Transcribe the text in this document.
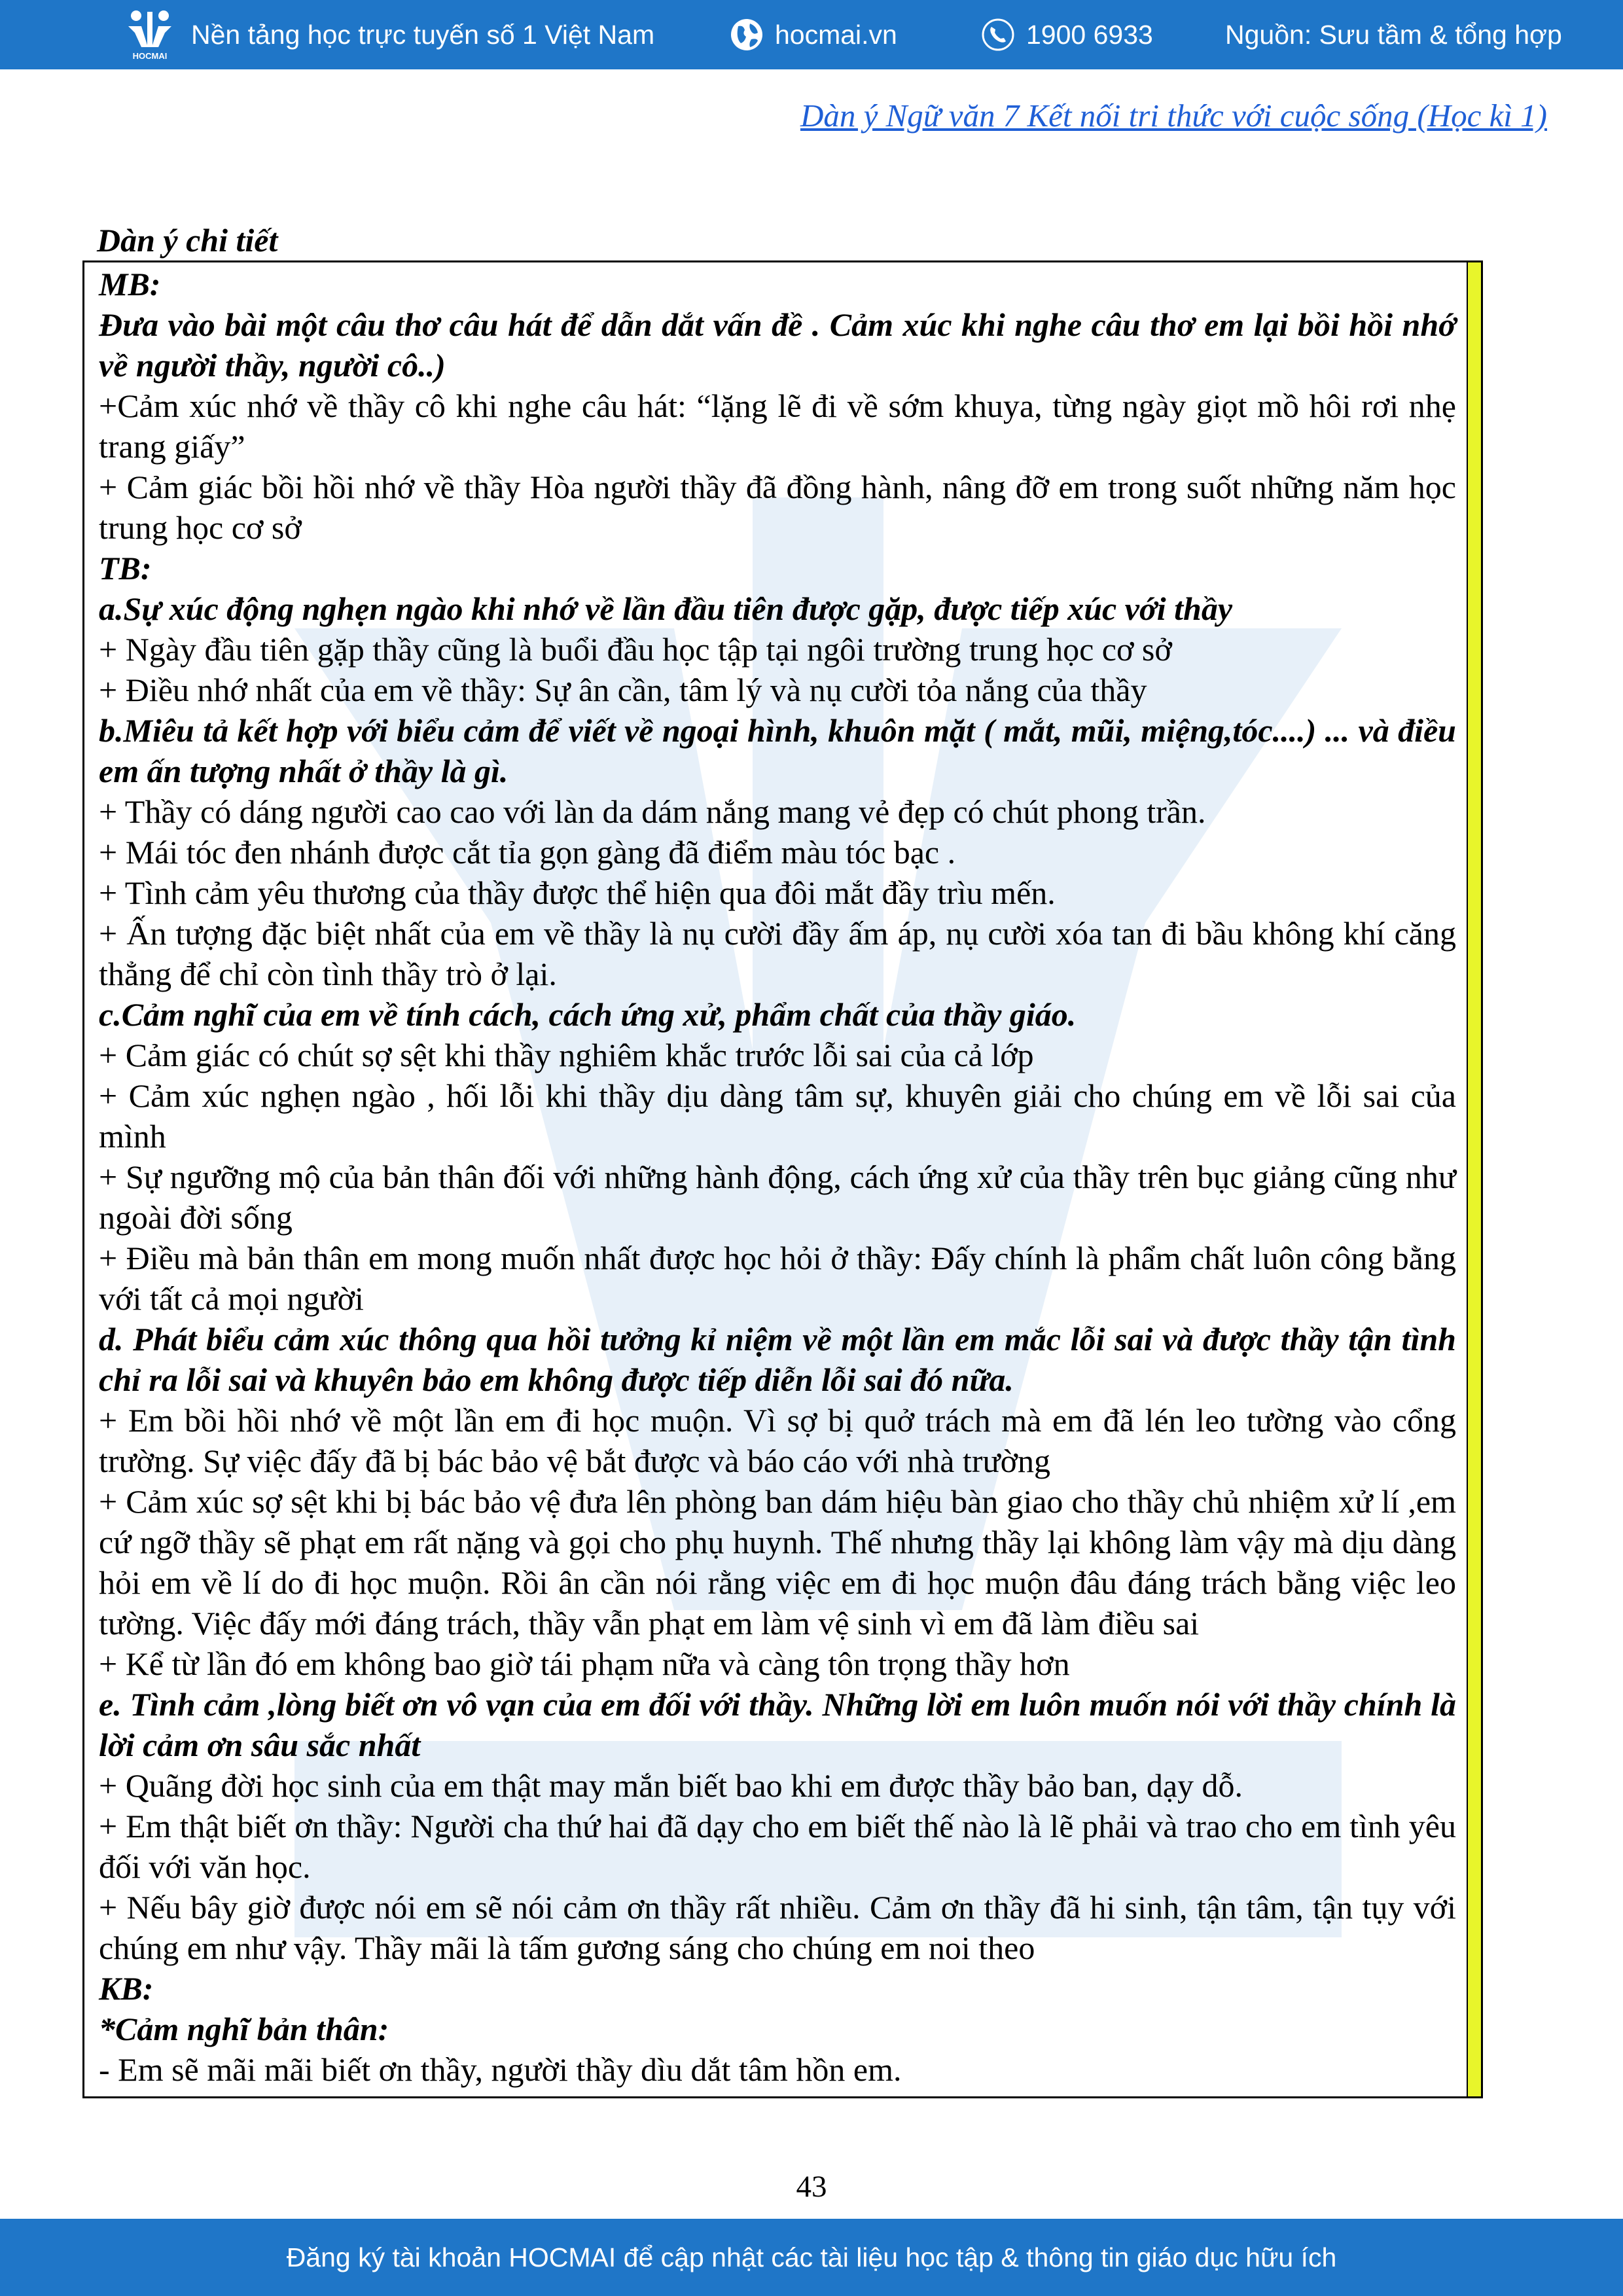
HOCMAI
Nền tảng học trực tuyến số 1 Việt Nam	hocmai.vn	1900 6933	Nguồn: Sưu tầm & tổng hợp
Dàn ý Ngữ văn 7 Kết nối tri thức với cuộc sống (Học kì 1)
Dàn ý chi tiết

MB:

Đưa vào bài một câu thơ câu hát để dẫn dắt vấn đề . Cảm xúc khi nghe câu thơ em lại bồi hồi nhớ về người thầy, người cô..)

+Cảm xúc nhớ về thầy cô khi nghe câu hát: “lặng lẽ đi về sớm khuya, từng ngày giọt mồ hôi rơi nhẹ trang giấy”

+ Cảm giác bồi hồi nhớ về thầy Hòa người thầy đã đồng hành, nâng đỡ em trong suốt những năm học trung học cơ sở

TB:

a.Sự xúc động nghẹn ngào khi nhớ về lần đầu tiên được gặp, được tiếp xúc với thầy

+ Ngày đầu tiên gặp thầy cũng là buổi đầu học tập tại ngôi trường trung học cơ sở

+ Điều nhớ nhất của em về thầy: Sự ân cần, tâm lý và nụ cười tỏa nắng của thầy

b.Miêu tả kết hợp với biểu cảm để viết về ngoại hình, khuôn mặt ( mắt, mũi, miệng,tóc....) ... và điều em ấn tượng nhất ở thầy là gì.

+ Thầy có dáng người cao cao với làn da dám nắng mang vẻ đẹp có chút phong trần.

+ Mái tóc đen nhánh được cắt tỉa gọn gàng đã điểm màu tóc bạc .

+ Tình cảm yêu thương của thầy được thể hiện qua đôi mắt đầy trìu mến.

+ Ấn tượng đặc biệt nhất của em về thầy là nụ cười đầy ấm áp, nụ cười xóa tan đi bầu không khí căng thẳng để chỉ còn tình thầy trò ở lại.

c.Cảm nghĩ của em về tính cách, cách ứng xử, phẩm chất của thầy giáo.

+ Cảm giác có chút sợ sệt khi thầy nghiêm khắc trước lỗi sai của cả lớp

+ Cảm xúc nghẹn ngào , hối lỗi khi thầy dịu dàng tâm sự, khuyên giải cho chúng em về lỗi sai của mình

+ Sự ngưỡng mộ của bản thân đối với những hành động, cách ứng xử của thầy trên bục giảng cũng như ngoài đời sống

+ Điều mà bản thân em mong muốn nhất được học hỏi ở thầy: Đấy chính là phẩm chất luôn công bằng với tất cả mọi người

d. Phát biểu cảm xúc thông qua hồi tưởng kỉ niệm về một lần em mắc lỗi sai và được thầy tận tình chỉ ra lỗi sai và khuyên bảo em không được tiếp diễn lỗi sai đó nữa.

+ Em bồi hồi nhớ về một lần em đi học muộn. Vì sợ bị quở trách mà em đã lén leo tường vào cổng trường. Sự việc đấy đã bị bác bảo vệ bắt được và báo cáo với nhà trường

+ Cảm xúc sợ sệt khi bị bác bảo vệ đưa lên phòng ban dám hiệu bàn giao cho thầy chủ nhiệm xử lí ,em cứ ngỡ thầy sẽ phạt em rất nặng và gọi cho phụ huynh. Thế nhưng thầy lại không làm vậy mà dịu dàng hỏi em về lí do đi học muộn. Rồi ân cần nói rằng việc em đi học muộn đâu đáng trách bằng việc leo tường. Việc đấy mới đáng trách, thầy vẫn phạt em làm vệ sinh vì em đã làm điều sai

+ Kể từ lần đó em không bao giờ tái phạm nữa và càng tôn trọng thầy hơn

e. Tình cảm ,lòng biết ơn vô vạn của em đối với thầy. Những lời em luôn muốn nói với thầy chính là lời cảm ơn sâu sắc nhất

+ Quãng đời học sinh của em thật may mắn biết bao khi em được thầy bảo ban, dạy dỗ.

+ Em thật biết ơn thầy: Người cha thứ hai đã dạy cho em biết thế nào là lẽ phải và trao cho em tình yêu đối với văn học.

+ Nếu bây giờ được nói em sẽ nói cảm ơn thầy rất nhiều. Cảm ơn thầy đã hi sinh, tận tâm, tận tụy với chúng em như vậy. Thầy mãi là tấm gương sáng cho chúng em noi theo

KB:

*Cảm nghĩ bản thân:

- Em sẽ mãi mãi biết ơn thầy, người thầy dìu dắt tâm hồn em.

43
Đăng ký tài khoản HOCMAI để cập nhật các tài liệu học tập & thông tin giáo dục hữu ích
